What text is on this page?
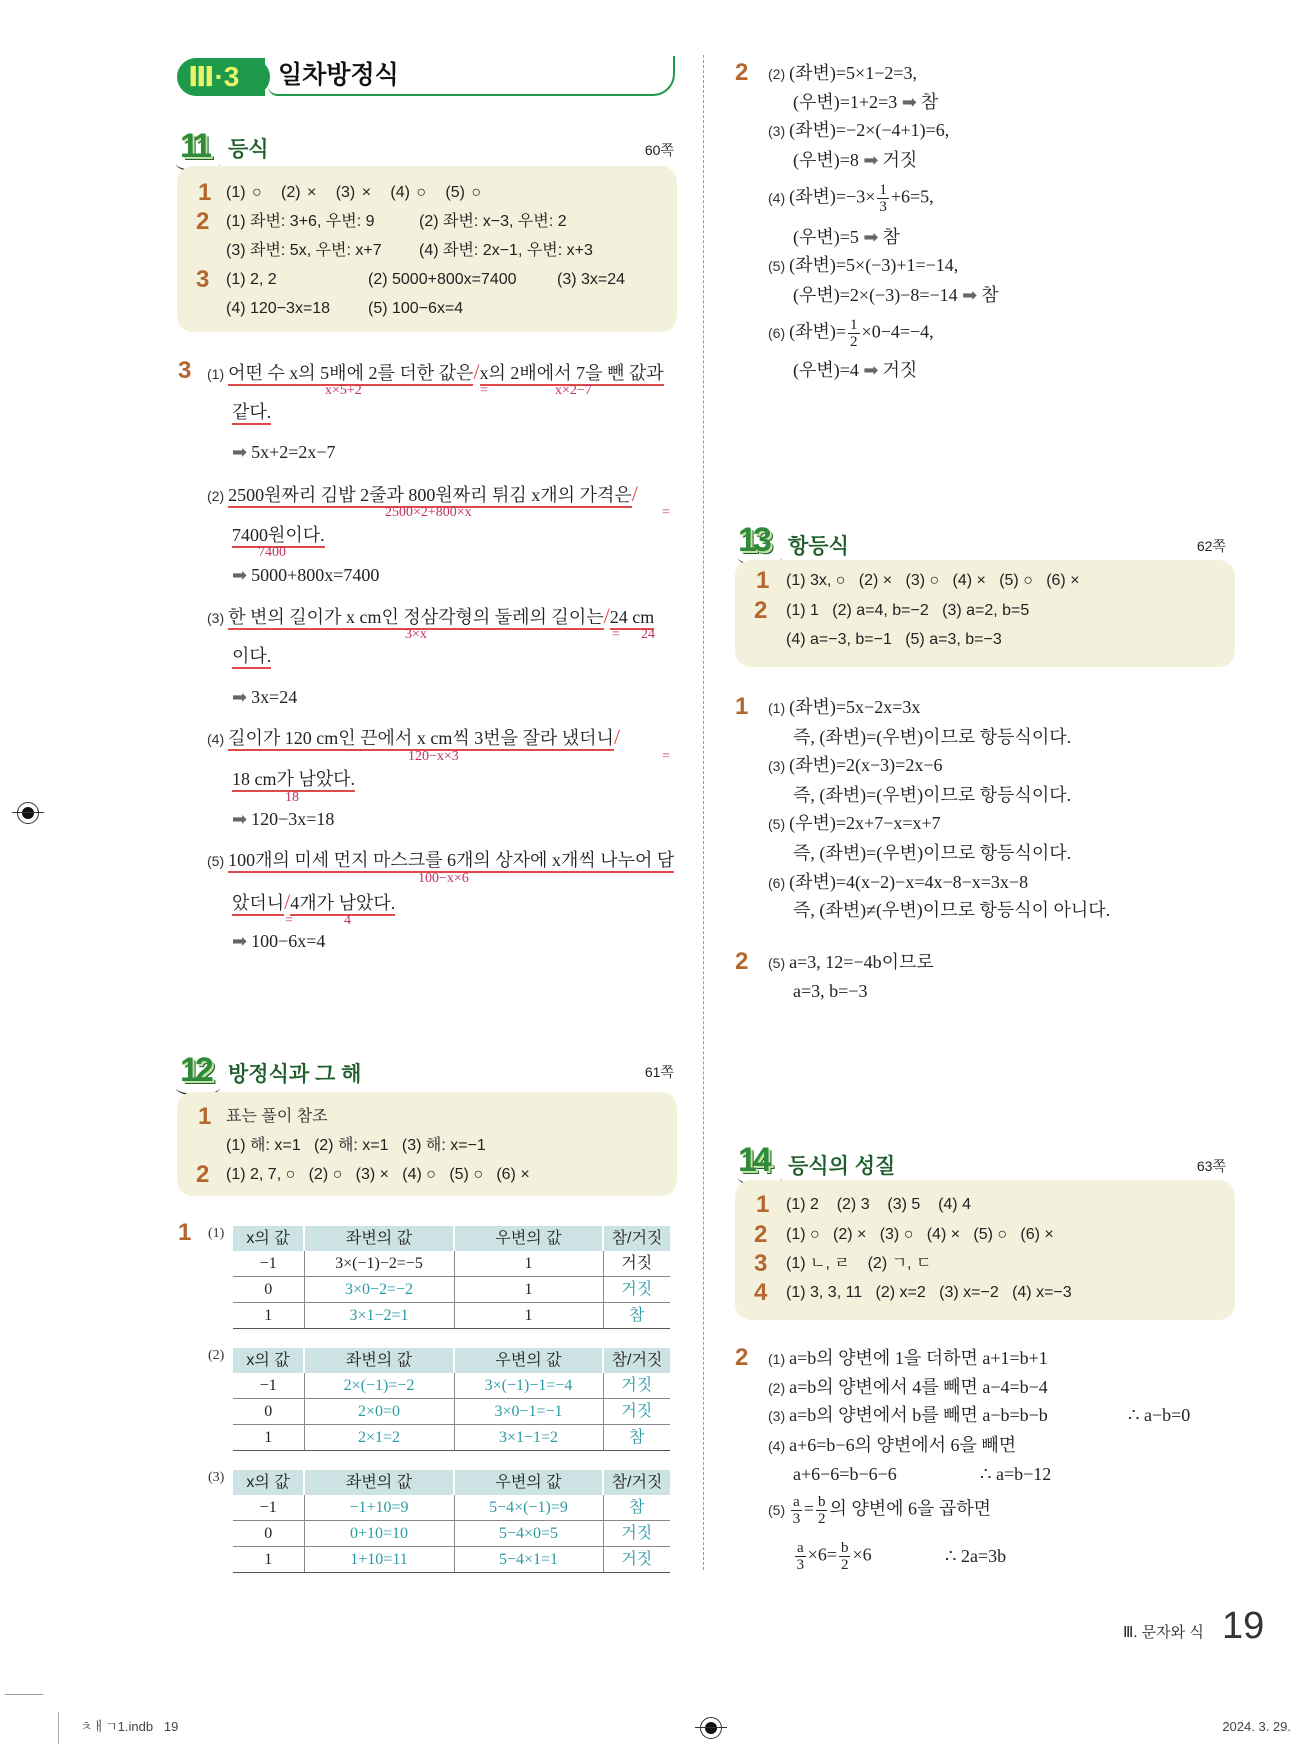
Ⅲ·3 일차방정식
11 등식	60쪽
1 (1) ○ (2) × (3) × (4) ○ (5) ○
2 (1) 좌변: 3+6, 우변: 9	(2) 좌변: x−3, 우변: 2
(3) 좌변: 5x, 우변: x+7 (4) 좌변: 2x−1, 우변: x+3
3 (1) 2, 2	(2) 5000+800x=7400	(3) 3x=24
(4) 120−3x=18 (5) 100−6x=4
3 (1) 어떤 수 x의 5배에 2를 더한 값은/x의 2배에서 7을 뺀 값과
x×5+2	=	x×2−7
같다.
➡ 5x+2=2x−7
(2) 2500원짜리 김밥 2줄과 800원짜리 튀김 x개의 가격은/
2500×2+800×x	=
7400원이다.
7400
➡ 5000+800x=7400
(3) 한 변의 길이가 x cm인 정삼각형의 둘레의 길이는/24 cm
3×x	= 24
이다.
➡ 3x=24
(4) 길이가 120 cm인 끈에서 x cm씩 3번을 잘라 냈더니/
120−x×3	=
18 cm가 남았다.
18
➡ 120−3x=18
(5) 100개의 미세 먼지 마스크를 6개의 상자에 x개씩 나누어 담
100−x×6
았더니/4개가 남았다.
=	4
➡ 100−6x=4
12 방정식과 그 해	61쪽
1 표는 풀이 참조
(1) 해: x=1 (2) 해: x=1 (3) 해: x=−1
2 (1) 2, 7, ○ (2) ○ (3) × (4) ○ (5) ○ (6) ×
1 (1) x의 값	좌변의 값	우변의 값	참/거짓
−1	3×(−1)−2=−5	1	거짓
0	3×0−2=−2	1	거짓
1	3×1−2=1	1	참
(2) x의 값	좌변의 값	우변의 값	참/거짓
−1	2×(−1)=−2	3×(−1)−1=−4	거짓
0	2×0=0	3×0−1=−1	거짓
1	2×1=2	3×1−1=2	참
(3) x의 값	좌변의 값	우변의 값	참/거짓
−1	−1+10=9	5−4×(−1)=9	참
0	0+10=10	5−4×0=5	거짓
1	1+10=11	5−4×1=1	거짓
2 (2) (좌변)=5×1−2=3,
(우변)=1+2=3 ➡ 참
(3) (좌변)=−2×(−4+1)=6,
(우변)=8 ➡ 거짓
(4) (좌변)$=-3\times \frac{1}{3} +6=5$,
(우변)=5 ➡ 참
(5) (좌변)=5×(−3)+1=−14,
(우변)=2×(−3)−8=−14 ➡ 참
(6) (좌변)= $\frac{1}{2} \times 0-4=-4$,
(우변)=4 ➡ 거짓
13 항등식	62쪽
1 (1) 3x, ○ (2) × (3) ○ (4) × (5) ○ (6) ×
2 (1) 1 (2) a=4, b=−2 (3) a=2, b=5
(4) a=−3, b=−1 (5) a=3, b=−3
1 (1) (좌변)=5x−2x=3x
즉, (좌변)=(우변)이므로 항등식이다.
(3) (좌변)=2(x−3)=2x−6
즉, (좌변)=(우변)이므로 항등식이다.
(5) (우변)=2x+7−x=x+7
즉, (좌변)=(우변)이므로 항등식이다.
(6) (좌변)=4(x−2)−x=4x−8−x=3x−8
즉, (좌변)≠(우변)이므로 항등식이 아니다.
2 (5) a=3, 12=−4b이므로
a=3, b=−3
14 등식의 성질	63쪽
1 (1) 2 (2) 3 (3) 5 (4) 4
2 (1) ○ (2) × (3) ○ (4) × (5) ○ (6) ×
3 (1) ㄴ, ㄹ (2) ㄱ, ㄷ
4 (1) 3, 3, 11 (2) x=2 (3) x=−2 (4) x=−3
2 (1) a=b의 양변에 1을 더하면 a+1=b+1
(2) a=b의 양변에서 4를 빼면 a−4=b−4
(3) a=b의 양변에서 b를 빼면 a−b=b−b	∴ a−b=0
(4) a+6=b−6의 양변에서 6을 빼면
a+6−6=b−6−6	∴ a=b−12
$(5) \frac{a}{3} = \frac{b}{2}$ 의 양변에 6을 곱하면
$\frac{a}{3} \times 6= \frac{b}{2} \times 6$	∴ 2a=3b
Ⅲ. 문자와 식 19
ㅊㅐㄱ1.indb   19	2024. 3. 29.
